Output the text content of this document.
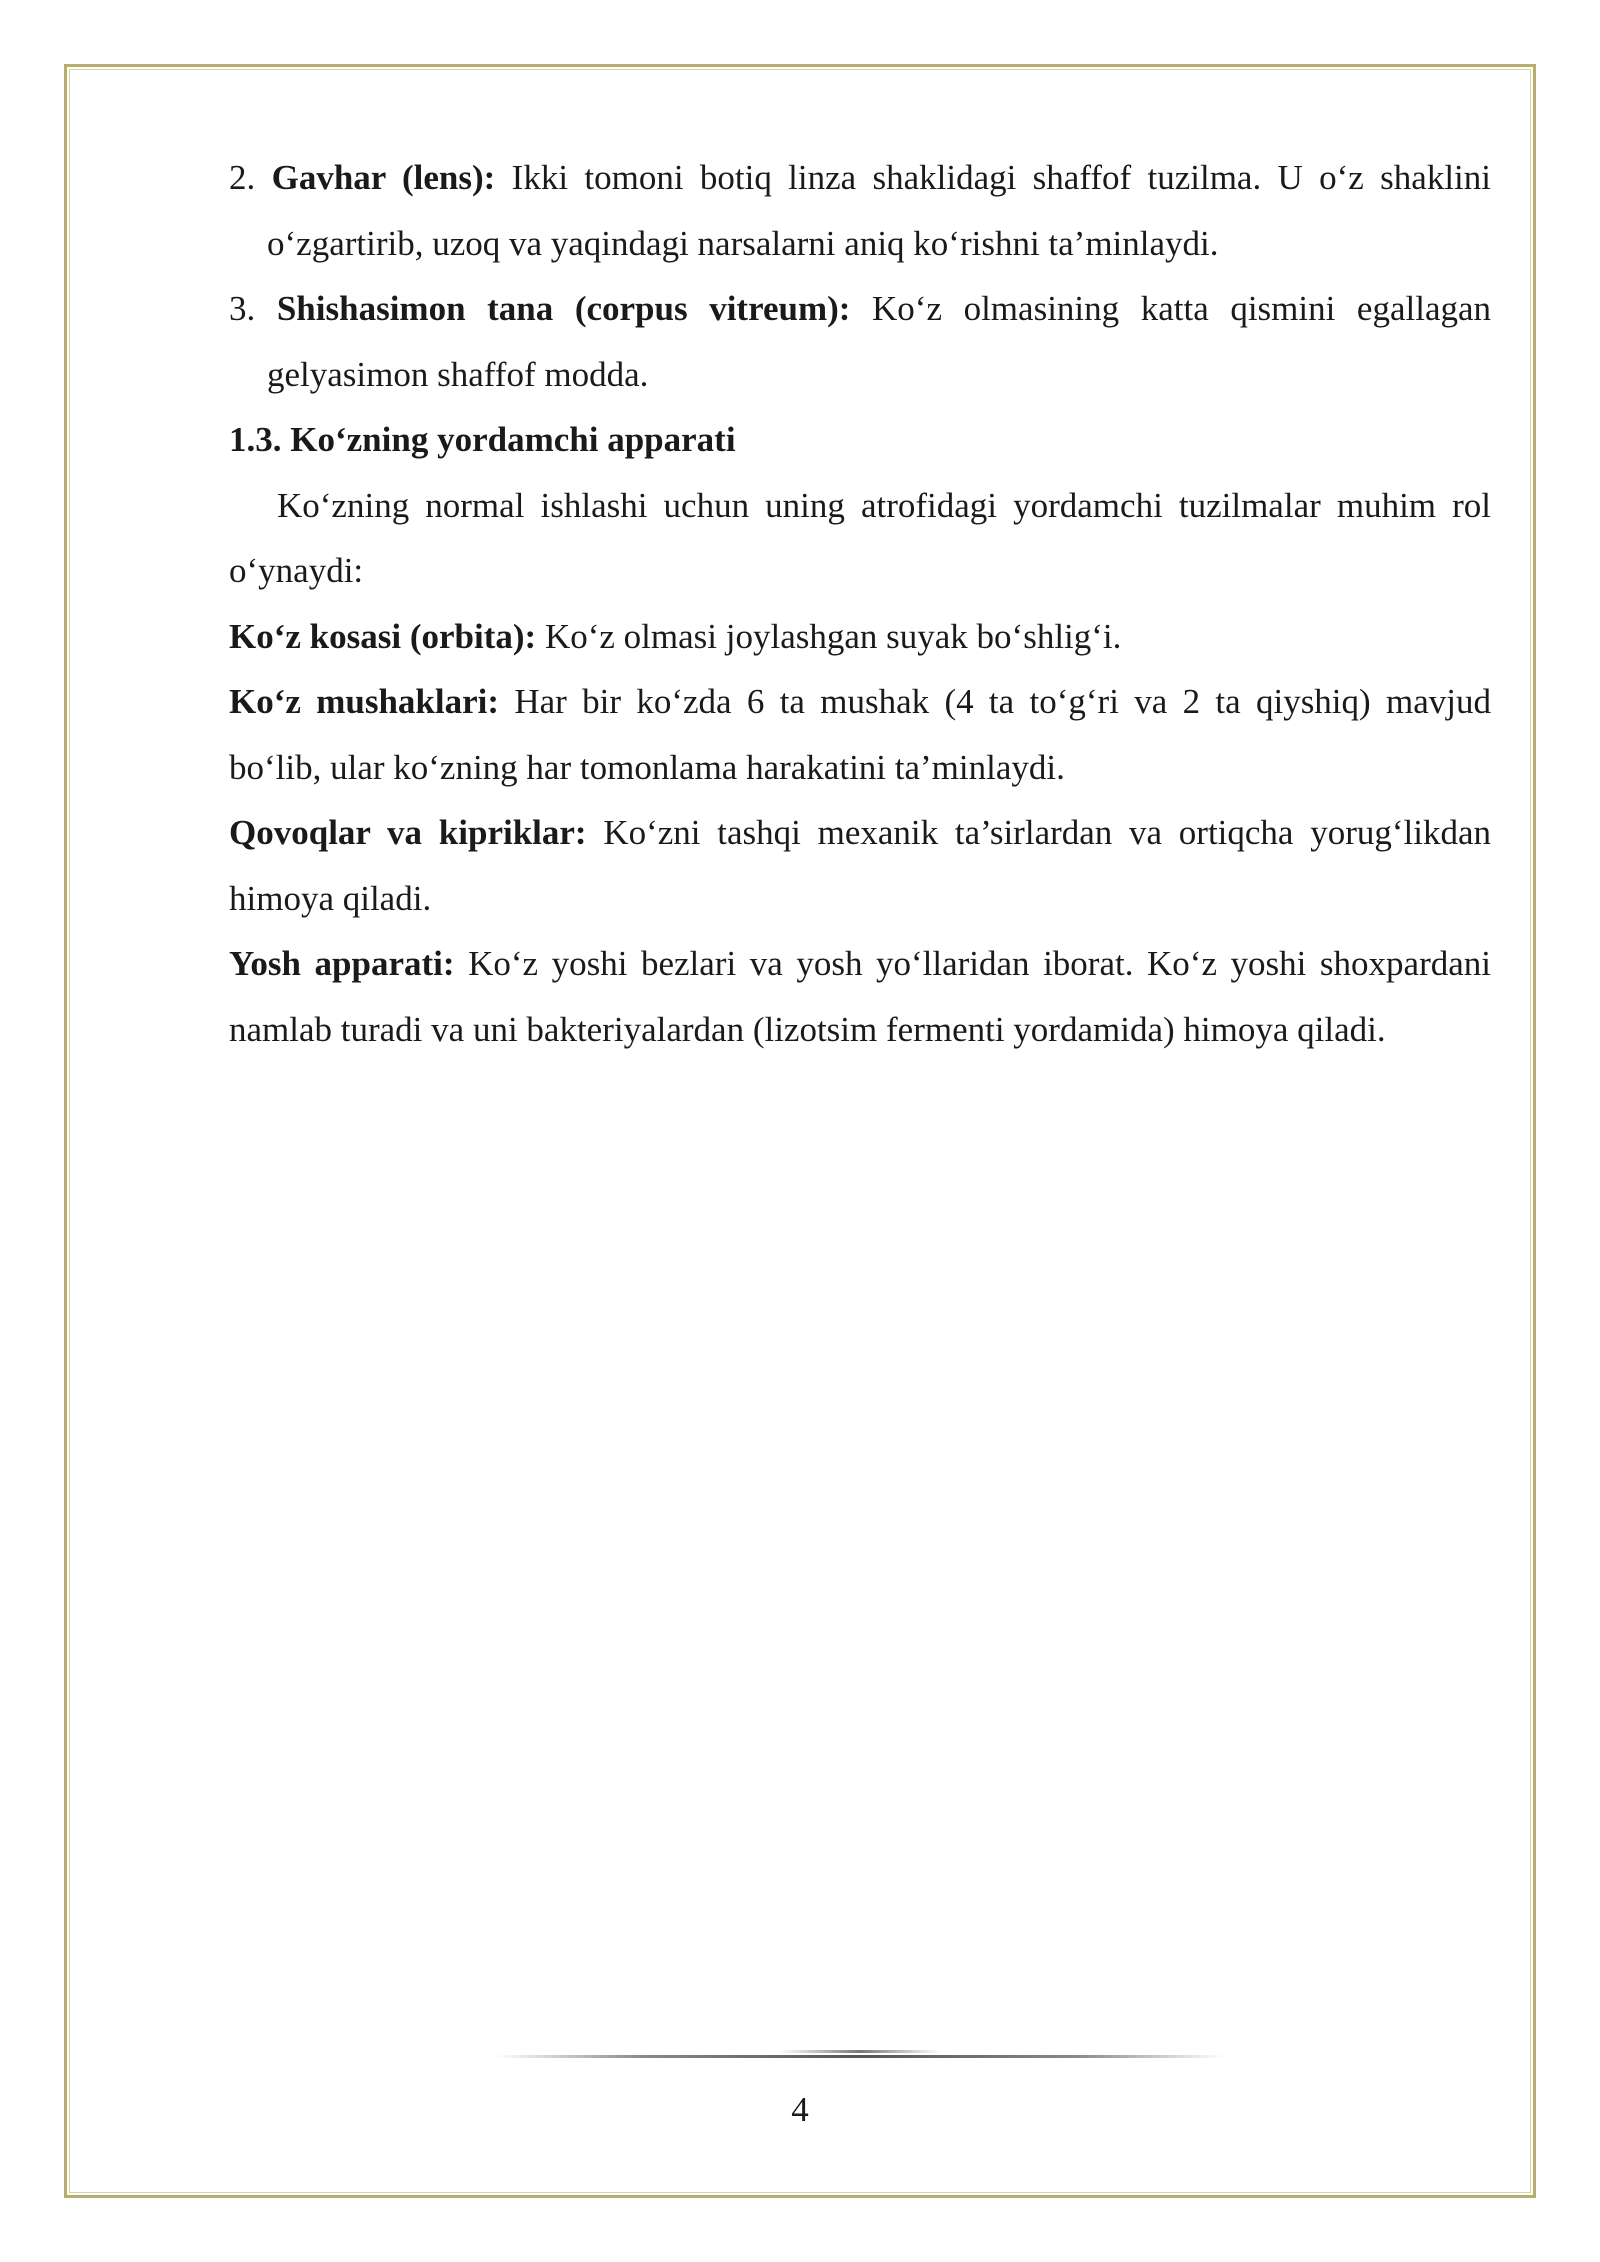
2. Gavhar (lens): Ikki tomoni botiq linza shaklidagi shaffof tuzilma. U o‘z shaklini o‘zgartirib, uzoq va yaqindagi narsalarni aniq ko‘rishni ta’minlaydi.

3. Shishasimon tana (corpus vitreum): Ko‘z olmasining katta qismini egallagan gelyasimon shaffof modda.

1.3. Ko‘zning yordamchi apparati

Ko‘zning normal ishlashi uchun uning atrofidagi yordamchi tuzilmalar muhim rol o‘ynaydi:

Ko‘z kosasi (orbita): Ko‘z olmasi joylashgan suyak bo‘shlig‘i.

Ko‘z mushaklari: Har bir ko‘zda 6 ta mushak (4 ta to‘g‘ri va 2 ta qiyshiq) mavjud bo‘lib, ular ko‘zning har tomonlama harakatini ta’minlaydi.

Qovoqlar va kipriklar: Ko‘zni tashqi mexanik ta’sirlardan va ortiqcha yorug‘likdan himoya qiladi.

Yosh apparati: Ko‘z yoshi bezlari va yosh yo‘llaridan iborat. Ko‘z yoshi shoxpardani namlab turadi va uni bakteriyalardan (lizotsim fermenti yordamida) himoya qiladi.

4
